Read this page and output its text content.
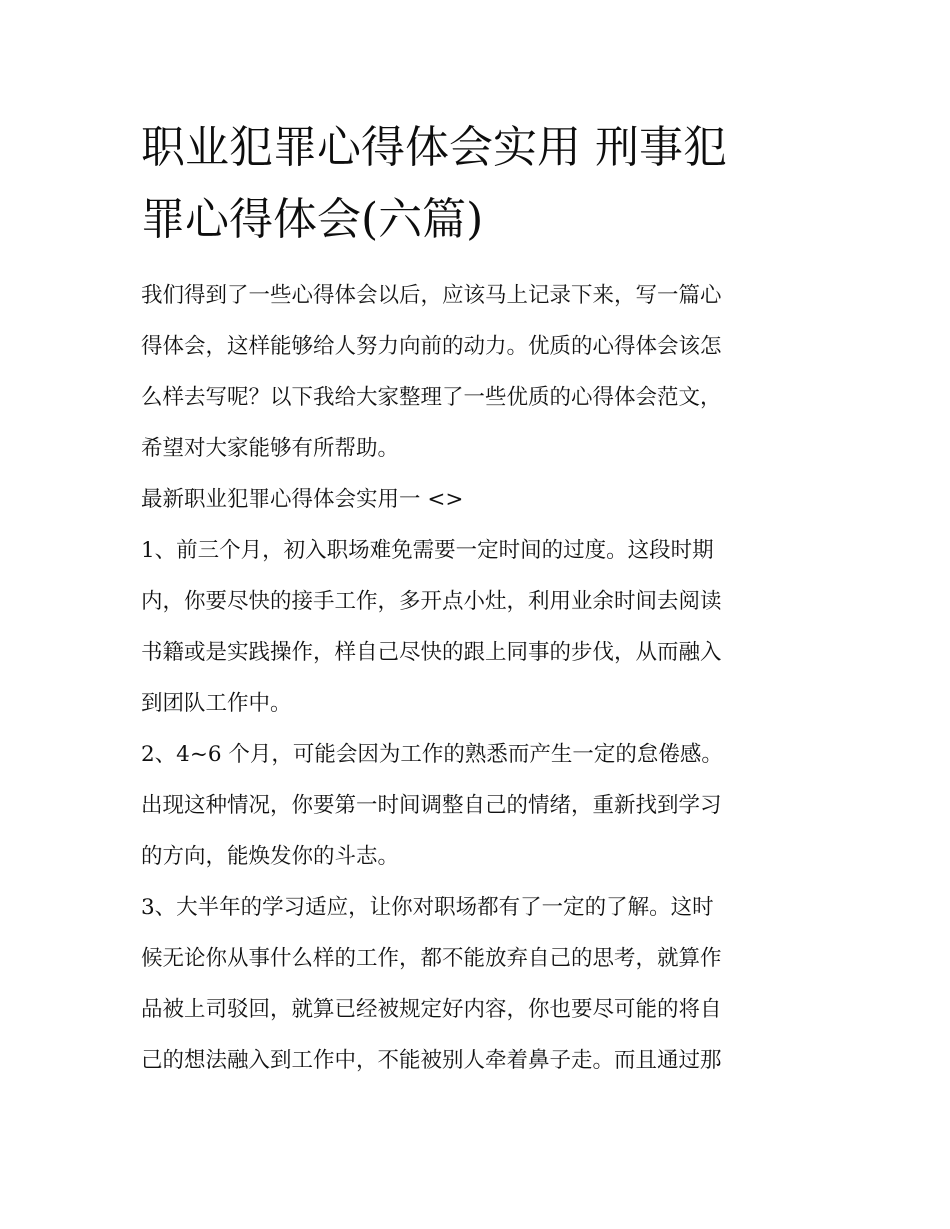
职业犯罪心得体会实用 刑事犯
罪心得体会(六篇)

我们得到了一些心得体会以后，应该马上记录下来，写一篇心
得体会，这样能够给人努力向前的动力。优质的心得体会该怎
么样去写呢？以下我给大家整理了一些优质的心得体会范文，
希望对大家能够有所帮助。

最新职业犯罪心得体会实用一 <>

1、前三个月，初入职场难免需要一定时间的过度。这段时期
内，你要尽快的接手工作，多开点小灶，利用业余时间去阅读
书籍或是实践操作，样自己尽快的跟上同事的步伐，从而融入
到团队工作中。

2、4~6 个月，可能会因为工作的熟悉而产生一定的怠倦感。
出现这种情况，你要第一时间调整自己的情绪，重新找到学习
的方向，能焕发你的斗志。

3、大半年的学习适应，让你对职场都有了一定的了解。这时
候无论你从事什么样的工作，都不能放弃自己的思考，就算作
品被上司驳回，就算已经被规定好内容，你也要尽可能的将自
己的想法融入到工作中，不能被别人牵着鼻子走。而且通过那
